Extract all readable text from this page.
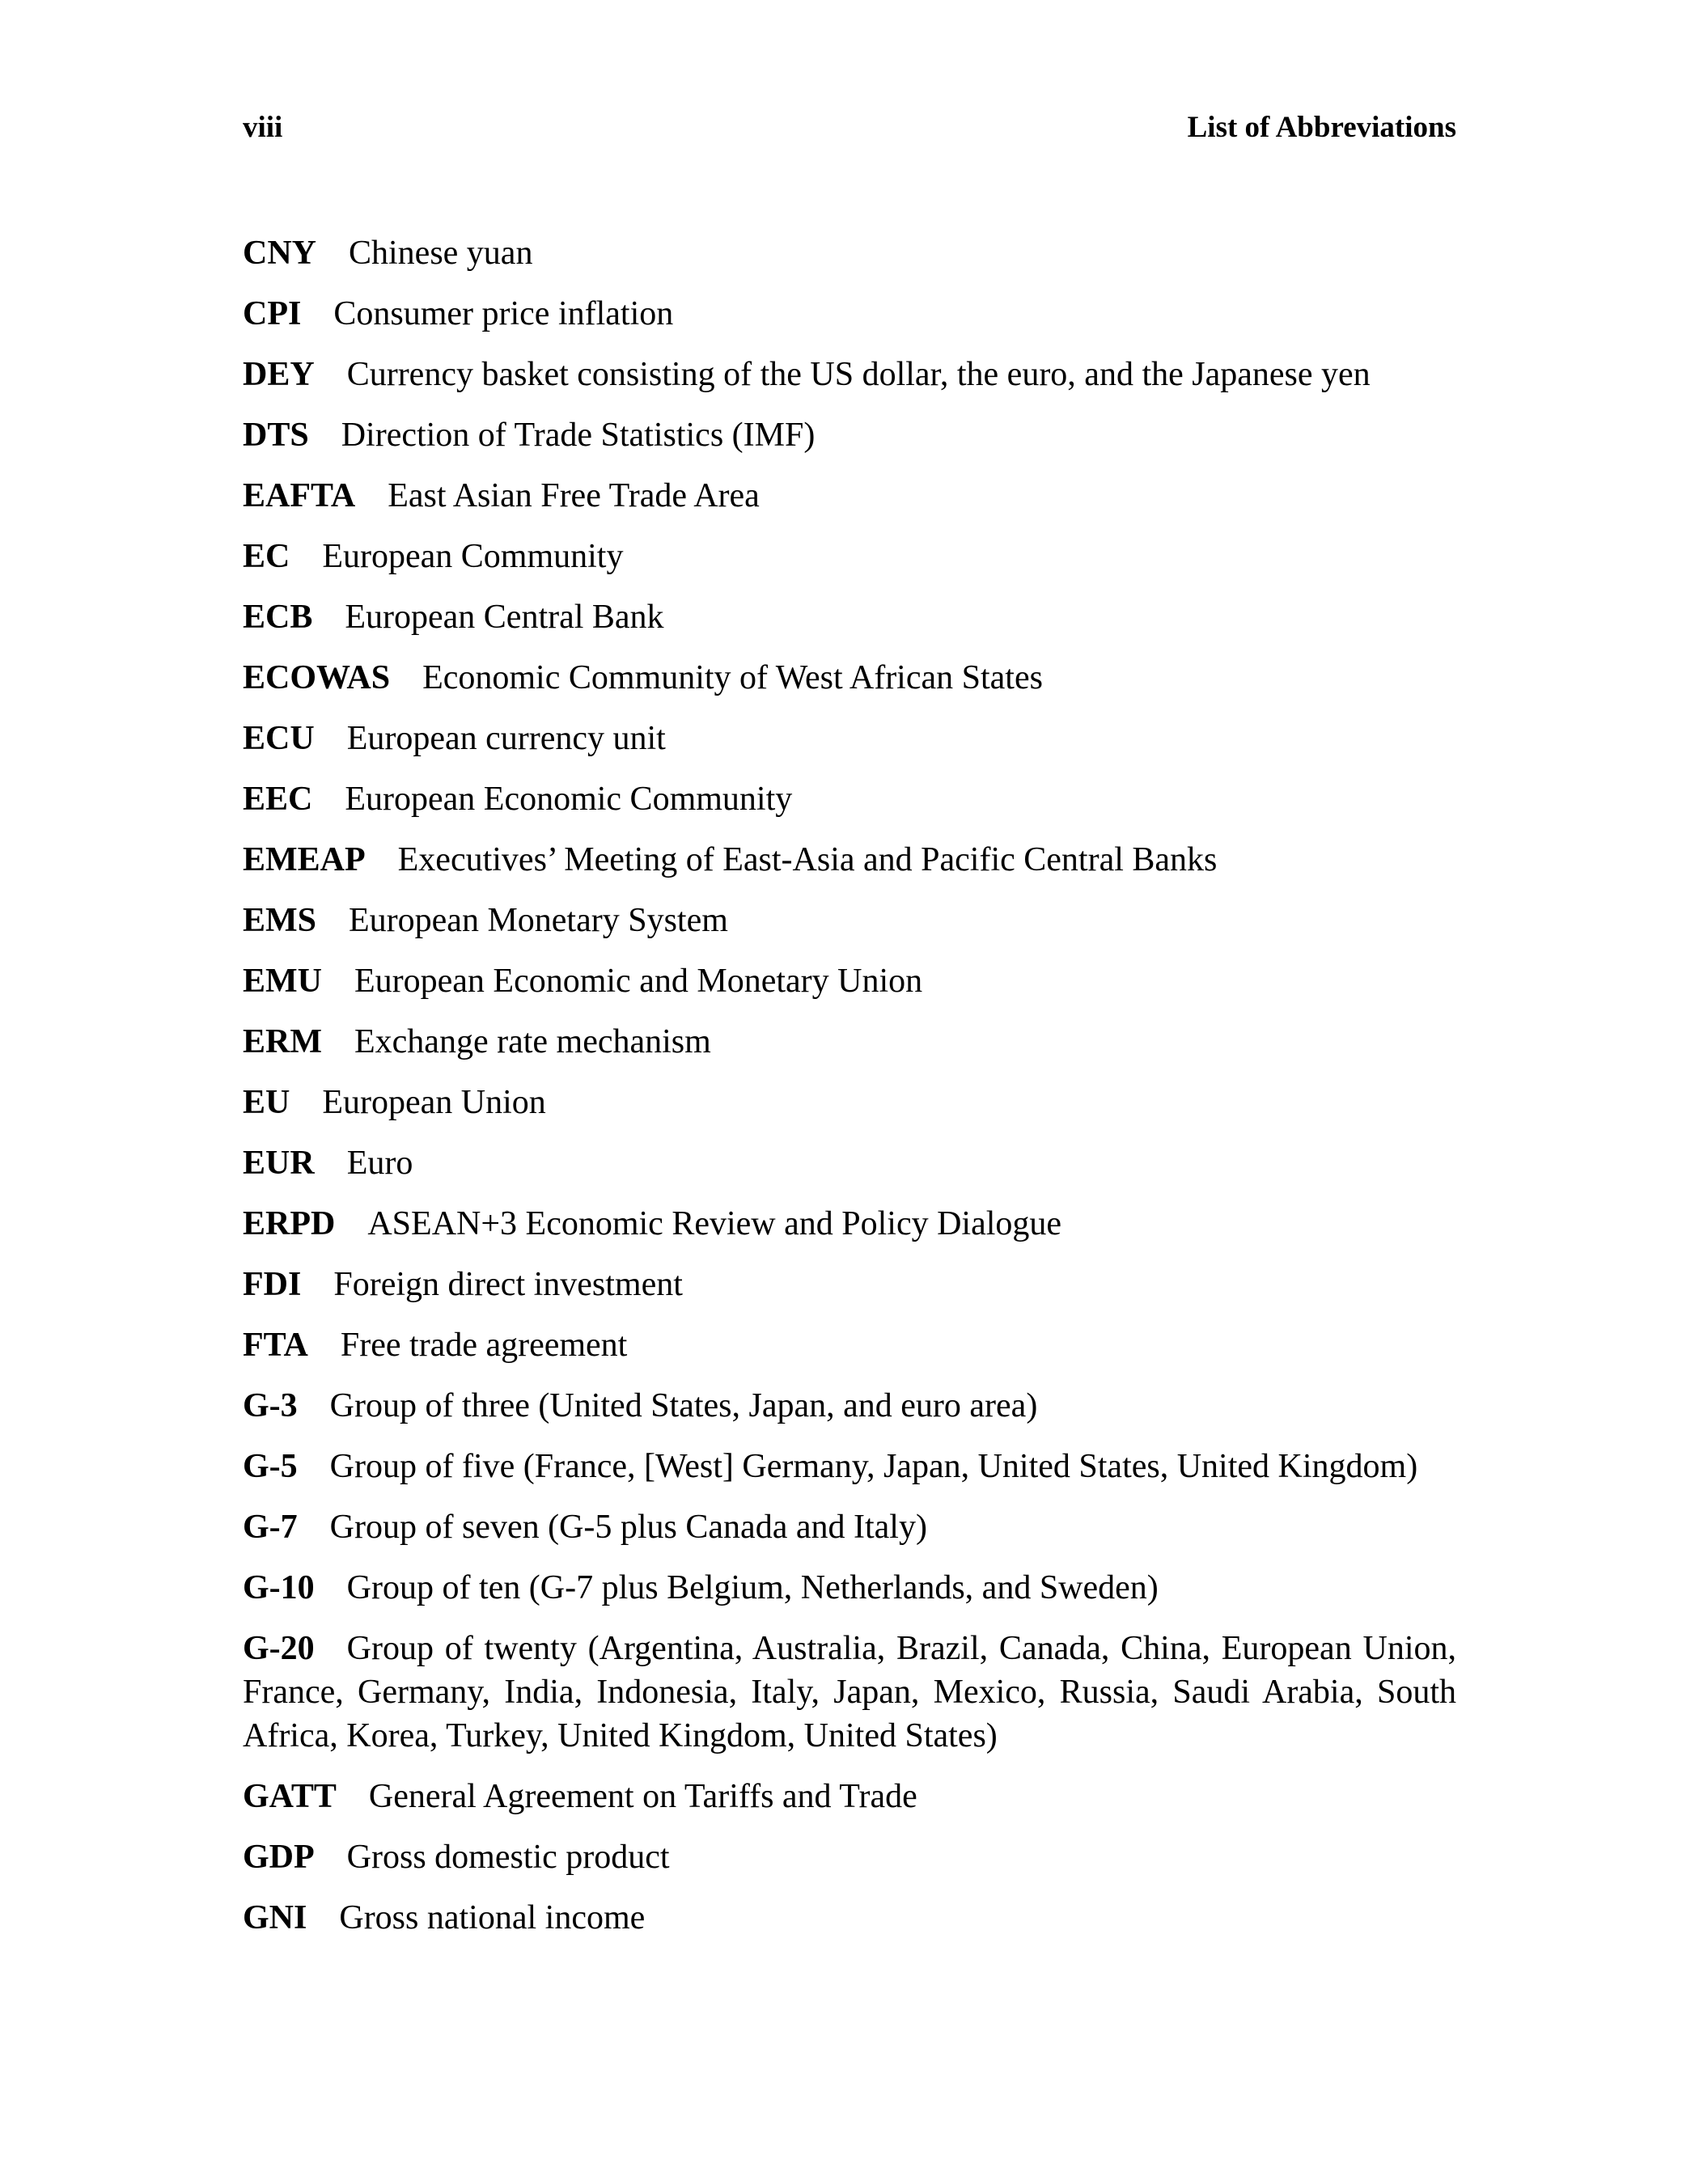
viii	List of Abbreviations
CNY Chinese yuan
CPI Consumer price inflation
DEY Currency basket consisting of the US dollar, the euro, and the Japanese yen
DTS Direction of Trade Statistics (IMF)
EAFTA East Asian Free Trade Area
EC European Community
ECB European Central Bank
ECOWAS Economic Community of West African States
ECU European currency unit
EEC European Economic Community
EMEAP Executives’ Meeting of East-Asia and Pacific Central Banks
EMS European Monetary System
EMU European Economic and Monetary Union
ERM Exchange rate mechanism
EU European Union
EUR Euro
ERPD ASEAN+3 Economic Review and Policy Dialogue
FDI Foreign direct investment
FTA Free trade agreement
G-3 Group of three (United States, Japan, and euro area)
G-5 Group of five (France, [West] Germany, Japan, United States, United Kingdom)
G-7 Group of seven (G-5 plus Canada and Italy)
G-10 Group of ten (G-7 plus Belgium, Netherlands, and Sweden)
G-20 Group of twenty (Argentina, Australia, Brazil, Canada, China, European Union, France, Germany, India, Indonesia, Italy, Japan, Mexico, Russia, Saudi Arabia, South Africa, Korea, Turkey, United Kingdom, United States)
GATT General Agreement on Tariffs and Trade
GDP Gross domestic product
GNI Gross national income
